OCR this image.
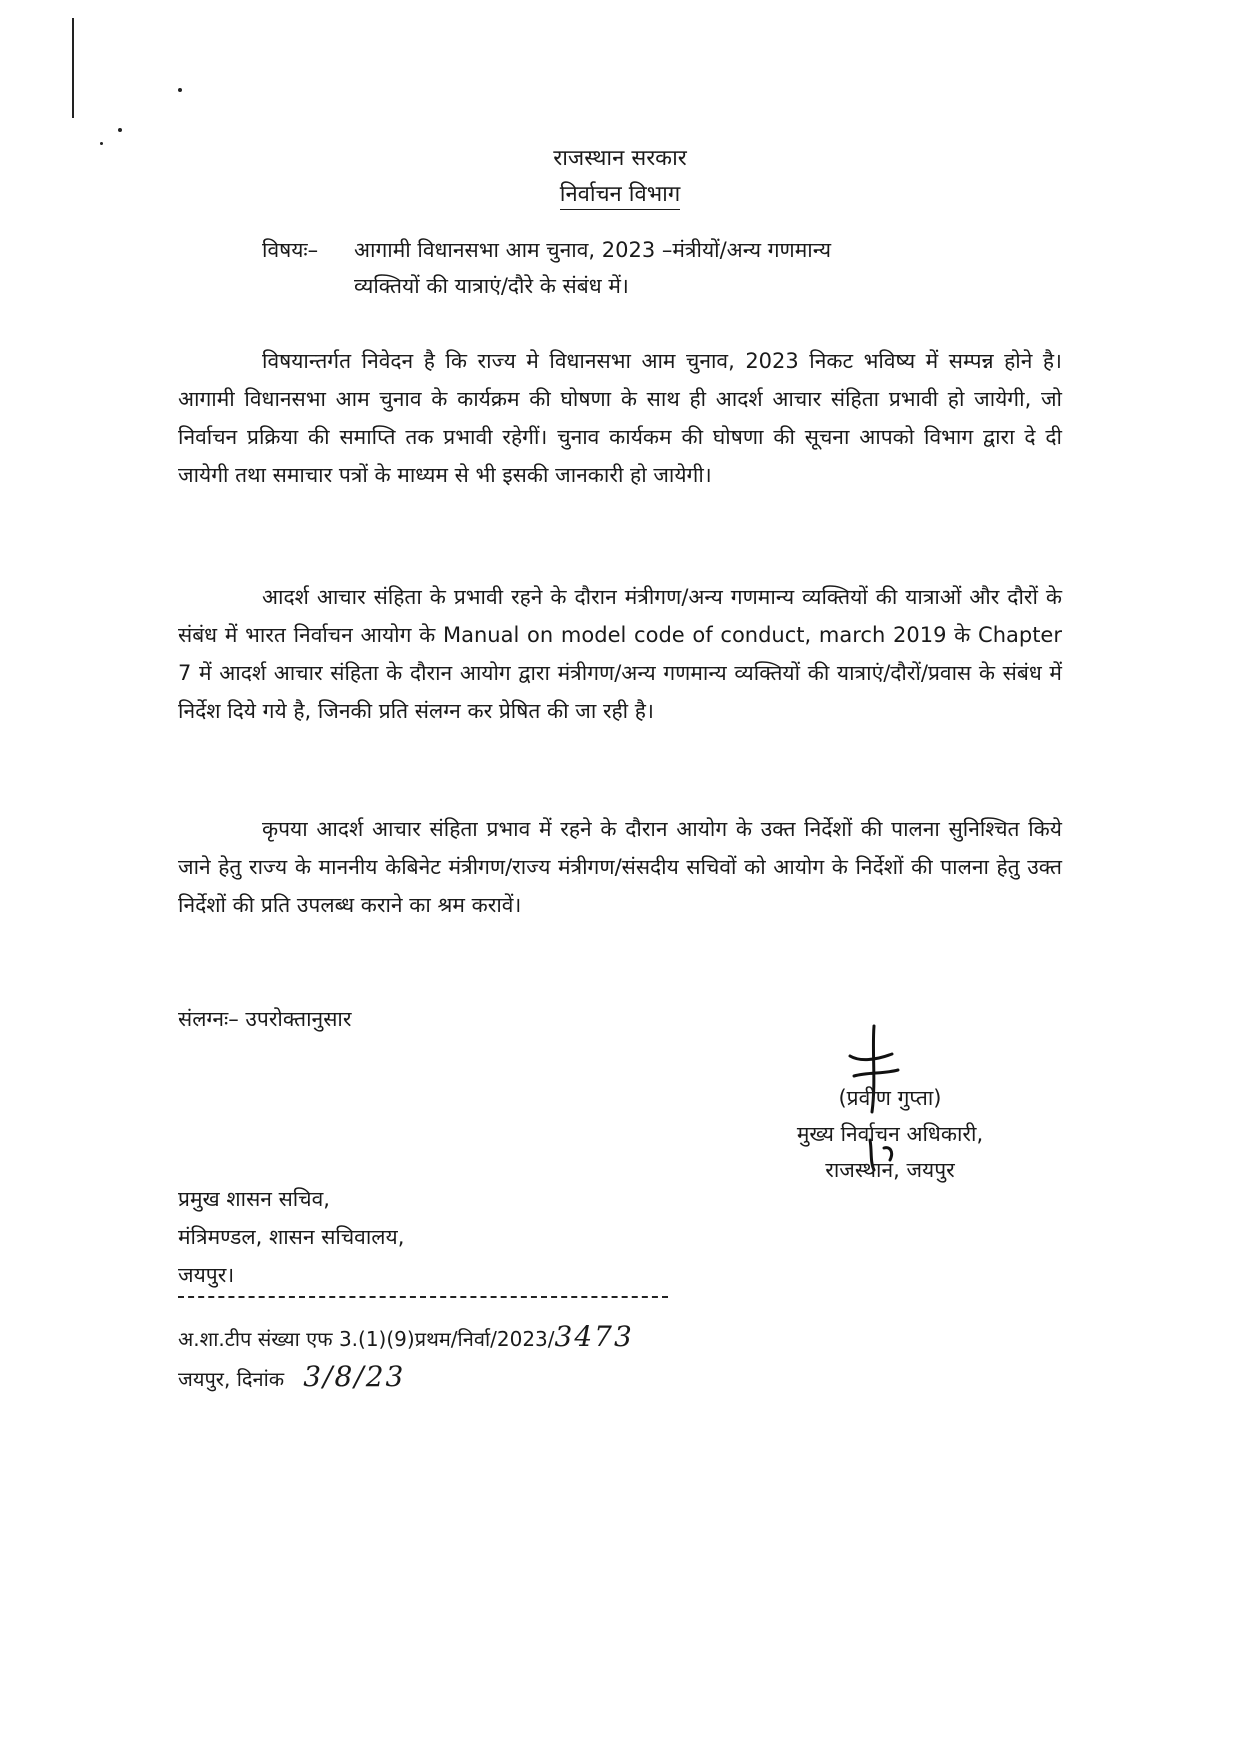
राजस्थान सरकार
निर्वाचन विभाग
विषयः– आगामी विधानसभा आम चुनाव, 2023 –मंत्रीयों/अन्य गणमान्य
व्यक्तियों की यात्राएं/दौरे के संबंध में।

विषयान्तर्गत निवेदन है कि राज्य मे विधानसभा आम चुनाव, 2023 निकट भविष्य में सम्पन्न होने है। आगामी विधानसभा आम चुनाव के कार्यक्रम की घोषणा के साथ ही आदर्श आचार संहिता प्रभावी हो जायेगी, जो निर्वाचन प्रक्रिया की समाप्ति तक प्रभावी रहेगीं। चुनाव कार्यकम की घोषणा की सूचना आपको विभाग द्वारा दे दी जायेगी तथा समाचार पत्रों के माध्यम से भी इसकी जानकारी हो जायेगी।

आदर्श आचार संहिता के प्रभावी रहने के दौरान मंत्रीगण/अन्य गणमान्य व्यक्तियों की यात्राओं और दौरों के संबंध में भारत निर्वाचन आयोग के Manual on model code of conduct, march 2019 के Chapter 7 में आदर्श आचार संहिता के दौरान आयोग द्वारा मंत्रीगण/अन्य गणमान्य व्यक्तियों की यात्राएं/दौरों/प्रवास के संबंध में निर्देश दिये गये है, जिनकी प्रति संलग्न कर प्रेषित की जा रही है।

कृपया आदर्श आचार संहिता प्रभाव में रहने के दौरान आयोग के उक्त निर्देशों की पालना सुनिश्चित किये जाने हेतु राज्य के माननीय केबिनेट मंत्रीगण/राज्य मंत्रीगण/संसदीय सचिवों को आयोग के निर्देशों की पालना हेतु उक्त निर्देशों की प्रति उपलब्ध कराने का श्रम करावें।

संलग्नः– उपरोक्तानुसार
(प्रवीण गुप्ता)
मुख्य निर्वाचन अधिकारी,
राजस्थान, जयपुर
प्रमुख शासन सचिव,
मंत्रिमण्डल, शासन सचिवालय,
जयपुर।
अ.शा.टीप संख्या एफ 3.(1)(9)प्रथम/निर्वा/2023/3473
जयपुर, दिनांक 3/8/23
